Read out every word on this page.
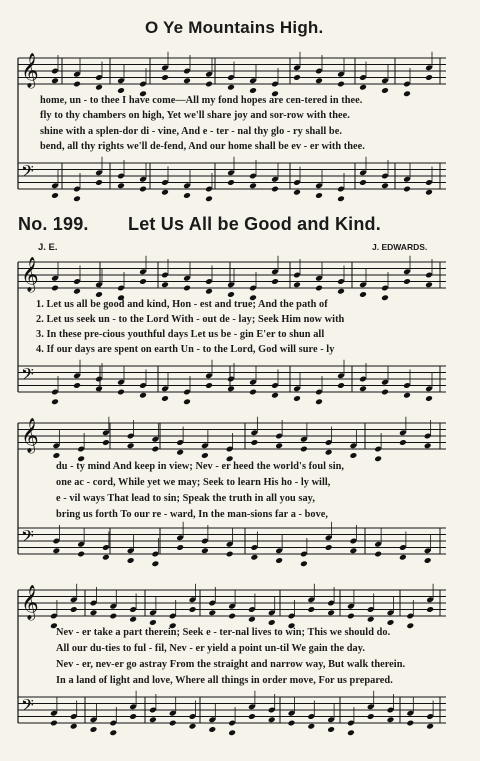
O Ye Mountains High.
𝄞
𝄢
𝄞
𝄢
𝄞
𝄢
𝄞
𝄢
home, un - to thee I have come—All my fond hopes are cen-tered in thee.
fly to thy chambers on high, Yet we'll share joy and sor-row with thee.
shine with a splen-dor di - vine, And e - ter - nal thy glo - ry shall be.
bend, all thy rights we'll de-fend, And our home shall be ev - er with thee.
No. 199. Let Us All be Good and Kind.
J. E.	J. EDWARDS.
1. Let us all be good and kind, Hon - est and true; And the path of
2. Let us seek un - to the Lord With - out de - lay; Seek Him now with
3. In these pre-cious youthful days Let us be - gin E'er to shun all
4. If our days are spent on earth Un - to the Lord, God will sure - ly
du - ty mind And keep in view; Nev - er heed the world's foul sin,
one ac - cord, While yet we may; Seek to learn His ho - ly will,
e - vil ways That lead to sin; Speak the truth in all you say,
bring us forth To our re - ward, In the man-sions far a - bove,
Nev - er take a part therein; Seek e - ter-nal lives to win; This we should do.
All our du-ties to ful - fil, Nev - er yield a point un-til We gain the day.
Nev - er, nev-er go astray From the straight and narrow way, But walk therein.
In a land of light and love, Where all things in order move, For us prepared.
